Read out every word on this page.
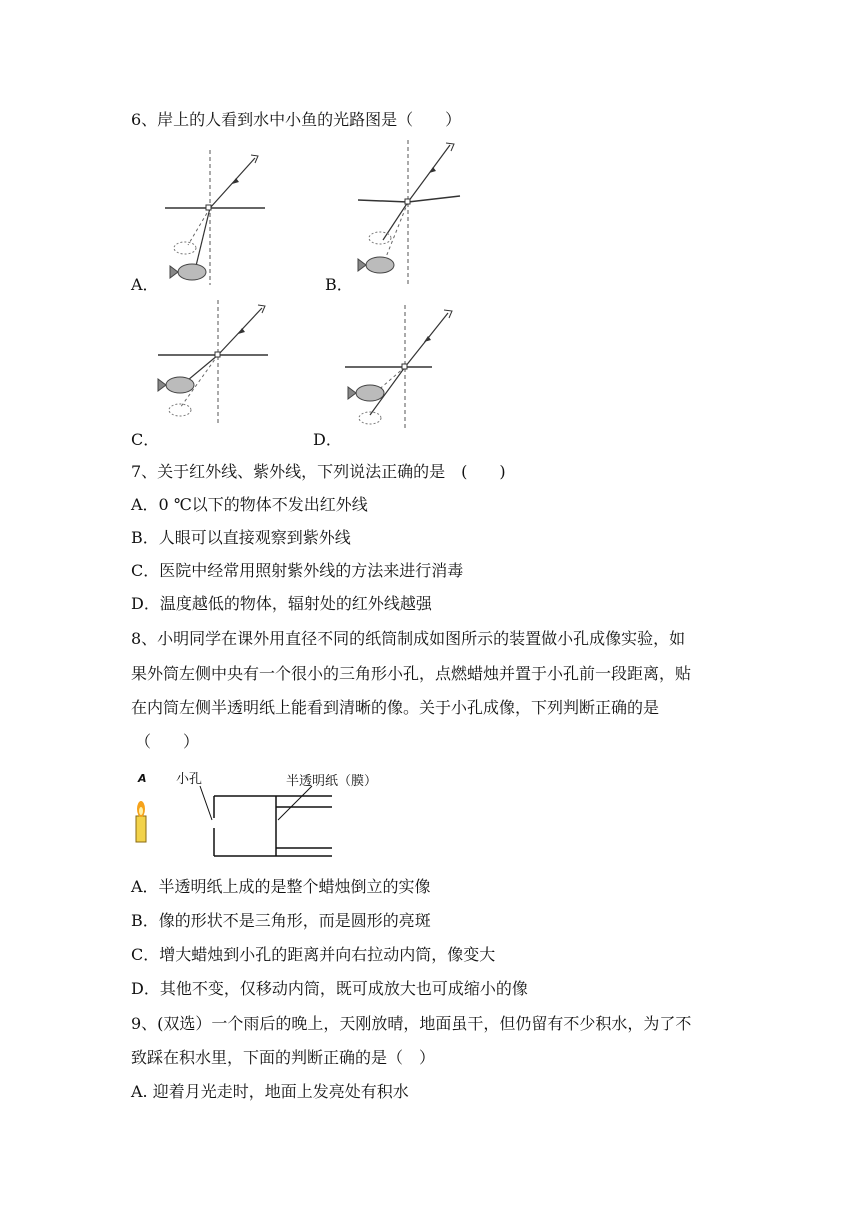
6、岸上的人看到水中小鱼的光路图是（　　）
A．	B．
C．	D．
7、关于红外线、紫外线，下列说法正确的是　(　　)
A．0 ℃以下的物体不发出红外线
B．人眼可以直接观察到紫外线
C．医院中经常用照射紫外线的方法来进行消毒
D．温度越低的物体，辐射处的红外线越强
8、小明同学在课外用直径不同的纸筒制成如图所示的装置做小孔成像实验，如
果外筒左侧中央有一个很小的三角形小孔，点燃蜡烛并置于小孔前一段距离，贴
在内筒左侧半透明纸上能看到清晰的像。关于小孔成像，下列判断正确的是
（　　）
A 小孔	半透明纸（膜）
A．半透明纸上成的是整个蜡烛倒立的实像
B．像的形状不是三角形，而是圆形的亮斑
C．增大蜡烛到小孔的距离并向右拉动内筒，像变大
D．其他不变，仅移动内筒，既可成放大也可成缩小的像
9、(双选）一个雨后的晚上，天刚放晴，地面虽干，但仍留有不少积水，为了不
致踩在积水里，下面的判断正确的是（　）
A. 迎着月光走时，地面上发亮处有积水
